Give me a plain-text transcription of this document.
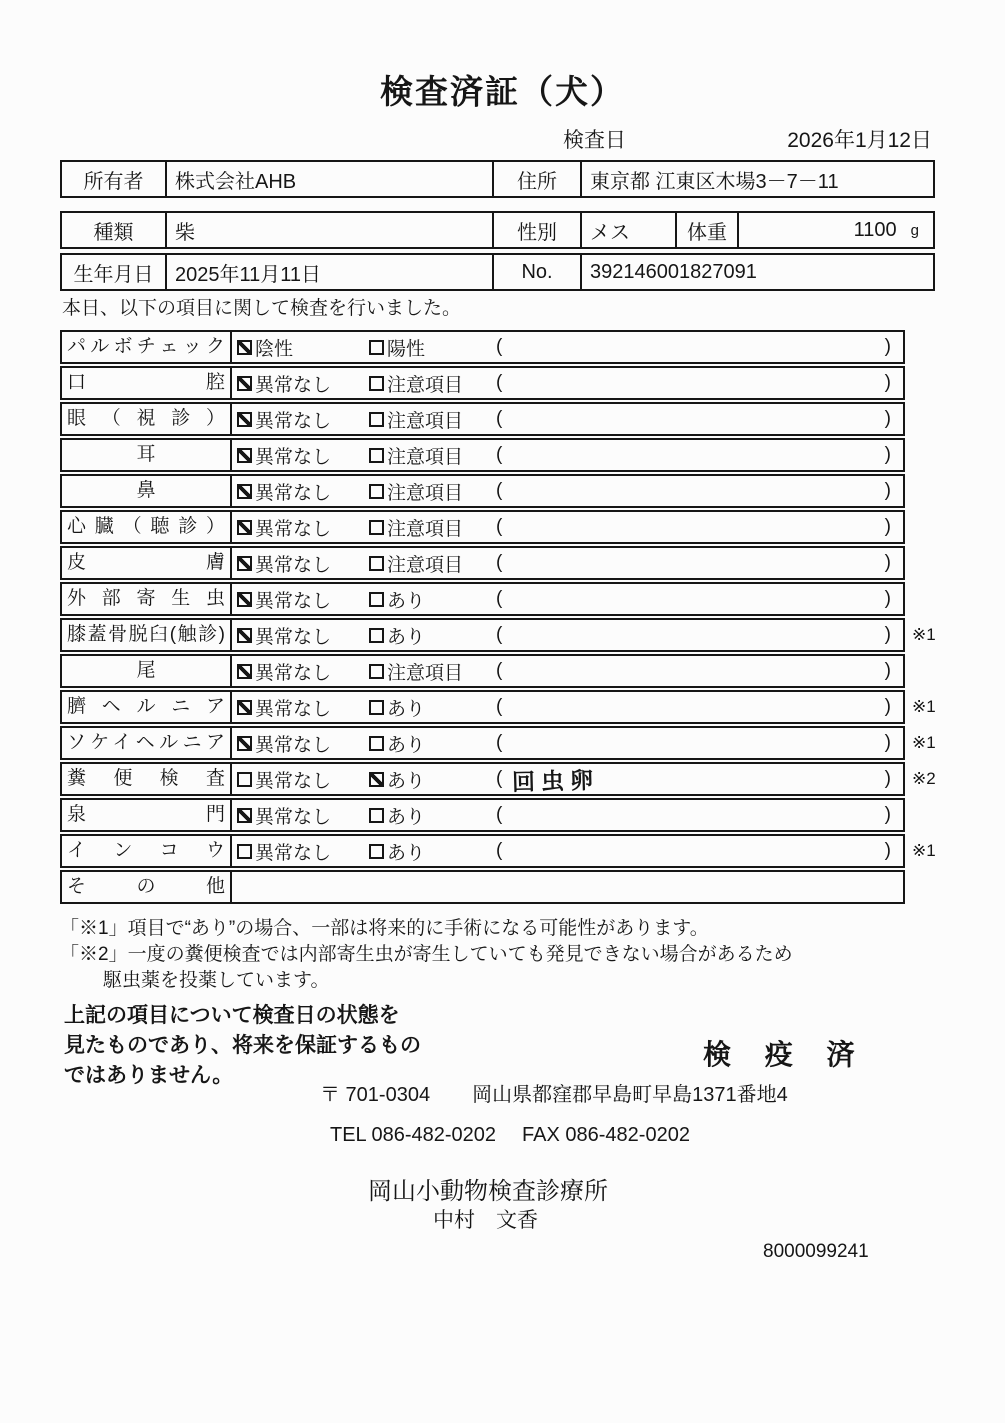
検査済証（犬）
検査日	2026年1月12日
所有者	株式会社AHB	住所	東京都 江東区木場3－7－11
種類	柴	性別	メス	体重	1100 g
生年月日	2025年11月11日	No.	392146001827091
本日、以下の項目に関して検査を行いました。
パルボチェック	陰性	陽性	(	)
口腔	異常なし	注意項目 (	)
眼（視診）	異常なし	注意項目 (	)
耳	異常なし	注意項目 (	)
鼻	異常なし	注意項目 (	)
心臓（聴診）	異常なし	注意項目 (	)
皮膚	異常なし	注意項目 (	)
外部寄生虫	異常なし	あり	(	)
膝蓋骨脱臼(触診)	異常なし	あり	(	) ※1
尾	異常なし	注意項目 (	)
臍ヘルニア	異常なし	あり	(	) ※1
ソケイヘルニア	異常なし	あり	(	) ※1
糞便検査	異常なし	あり	( 回虫卵	) ※2
泉門	異常なし	あり	(	)
インコウ	異常なし	あり	(	) ※1
その他
「※1」項目で“あり”の場合、一部は将来的に手術になる可能性があります。
「※2」一度の糞便検査では内部寄生虫が寄生していても発見できない場合があるため
駆虫薬を投薬しています。
上記の項目について検査日の状態を
見たものであり、将来を保証するもの
ではありません。
検 疫 済
〒 701-0304 岡山県都窪郡早島町早島1371番地4
TEL 086-482-0202 FAX 086-482-0202
岡山小動物検査診療所
中村　文香
8000099241
